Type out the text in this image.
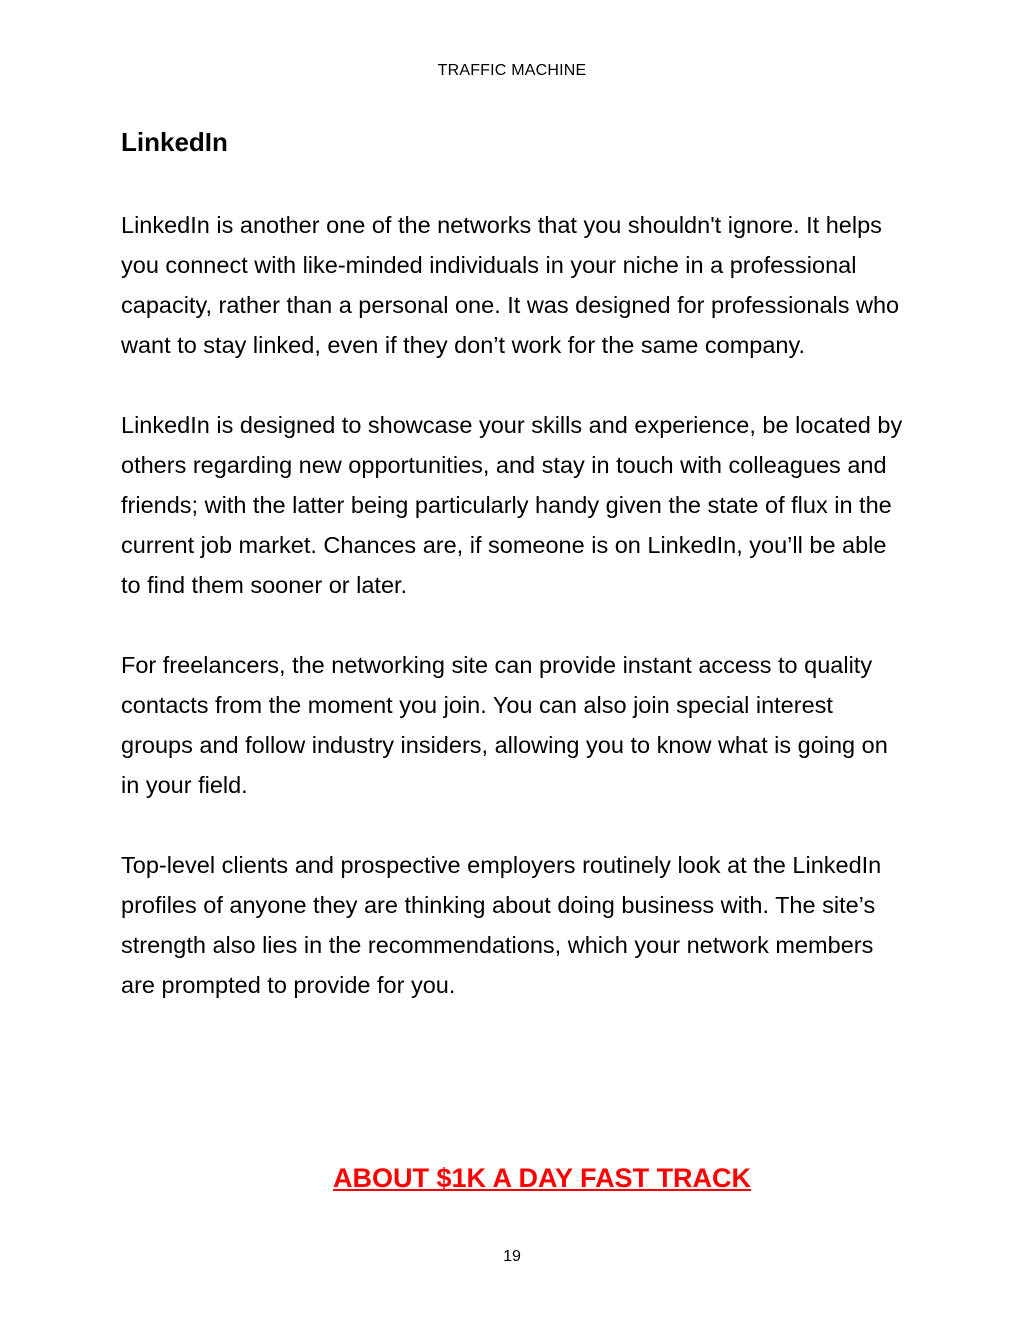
TRAFFIC MACHINE
LinkedIn

LinkedIn is another one of the networks that you shouldn't ignore. It helps you connect with like-minded individuals in your niche in a professional capacity, rather than a personal one. It was designed for professionals who want to stay linked, even if they don’t work for the same company.

LinkedIn is designed to showcase your skills and experience, be located by others regarding new opportunities, and stay in touch with colleagues and friends; with the latter being particularly handy given the state of flux in the current job market. Chances are, if someone is on LinkedIn, you’ll be able to find them sooner or later.

For freelancers, the networking site can provide instant access to quality contacts from the moment you join. You can also join special interest groups and follow industry insiders, allowing you to know what is going on in your field.

Top-level clients and prospective employers routinely look at the LinkedIn profiles of anyone they are thinking about doing business with. The site’s strength also lies in the recommendations, which your network members are prompted to provide for you.

ABOUT $1K A DAY FAST TRACK
19
